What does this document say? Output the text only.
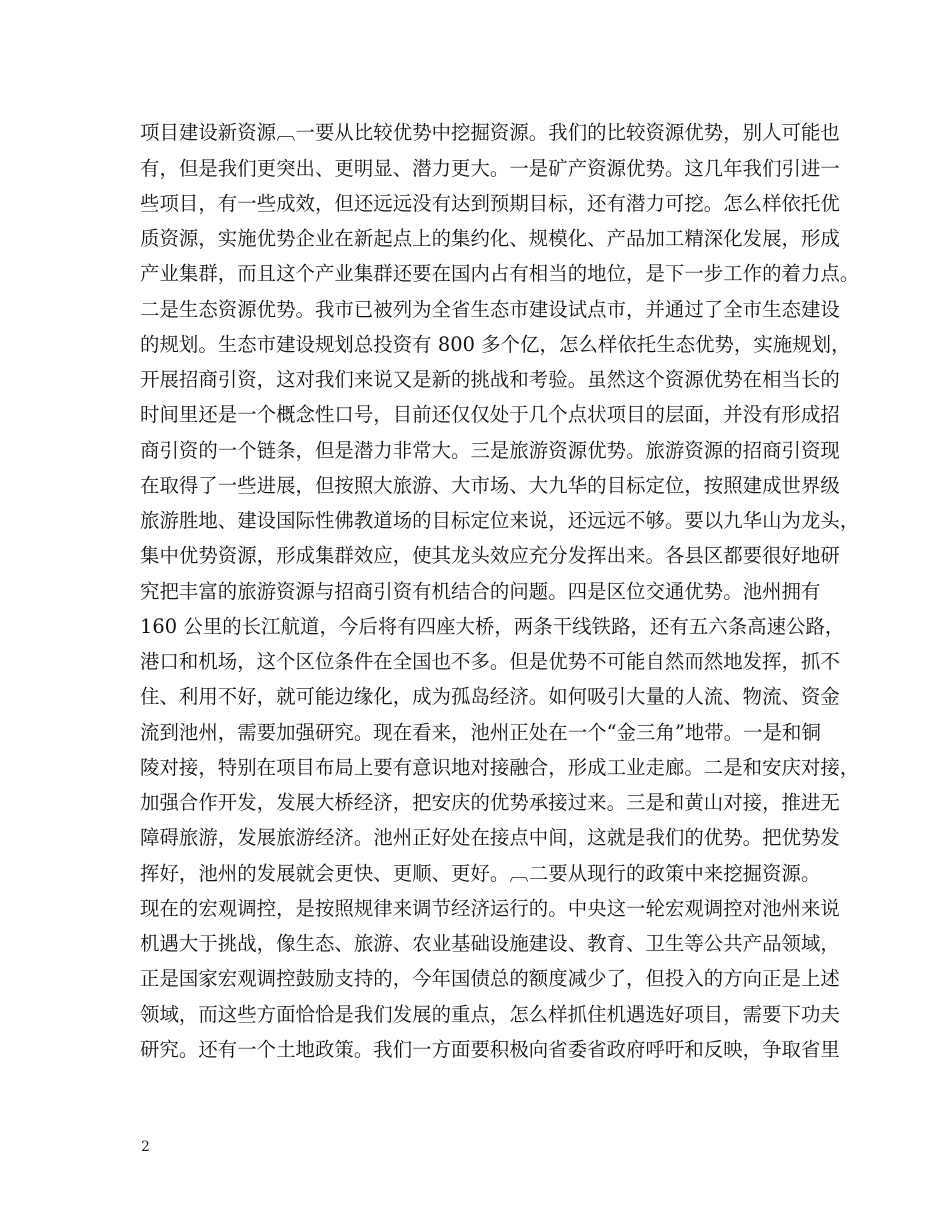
项目建设新资源︹一要从比较优势中挖掘资源。我们的比较资源优势，别人可能也
有，但是我们更突出、更明显、潜力更大。一是矿产资源优势。这几年我们引进一
些项目，有一些成效，但还远远没有达到预期目标，还有潜力可挖。怎么样依托优
质资源，实施优势企业在新起点上的集约化、规模化、产品加工精深化发展，形成
产业集群，而且这个产业集群还要在国内占有相当的地位，是下一步工作的着力点。
二是生态资源优势。我市已被列为全省生态市建设试点市，并通过了全市生态建设
的规划。生态市建设规划总投资有 800 多个亿，怎么样依托生态优势，实施规划，
开展招商引资，这对我们来说又是新的挑战和考验。虽然这个资源优势在相当长的
时间里还是一个概念性口号，目前还仅仅处于几个点状项目的层面，并没有形成招
商引资的一个链条，但是潜力非常大。三是旅游资源优势。旅游资源的招商引资现
在取得了一些进展，但按照大旅游、大市场、大九华的目标定位，按照建成世界级
旅游胜地、建设国际性佛教道场的目标定位来说，还远远不够。要以九华山为龙头，
集中优势资源，形成集群效应，使其龙头效应充分发挥出来。各县区都要很好地研
究把丰富的旅游资源与招商引资有机结合的问题。四是区位交通优势。池州拥有
160 公里的长江航道，今后将有四座大桥，两条干线铁路，还有五六条高速公路，
港口和机场，这个区位条件在全国也不多。但是优势不可能自然而然地发挥，抓不
住、利用不好，就可能边缘化，成为孤岛经济。如何吸引大量的人流、物流、资金
流到池州，需要加强研究。现在看来，池州正处在一个“金三角”地带。一是和铜
陵对接，特别在项目布局上要有意识地对接融合，形成工业走廊。二是和安庆对接，
加强合作开发，发展大桥经济，把安庆的优势承接过来。三是和黄山对接，推进无
障碍旅游，发展旅游经济。池州正好处在接点中间，这就是我们的优势。把优势发
挥好，池州的发展就会更快、更顺、更好。︹二要从现行的政策中来挖掘资源。
现在的宏观调控，是按照规律来调节经济运行的。中央这一轮宏观调控对池州来说
机遇大于挑战，像生态、旅游、农业基础设施建设、教育、卫生等公共产品领域，
正是国家宏观调控鼓励支持的，今年国债总的额度减少了，但投入的方向正是上述
领域，而这些方面恰恰是我们发展的重点，怎么样抓住机遇选好项目，需要下功夫
研究。还有一个土地政策。我们一方面要积极向省委省政府呼吁和反映，争取省里
2
